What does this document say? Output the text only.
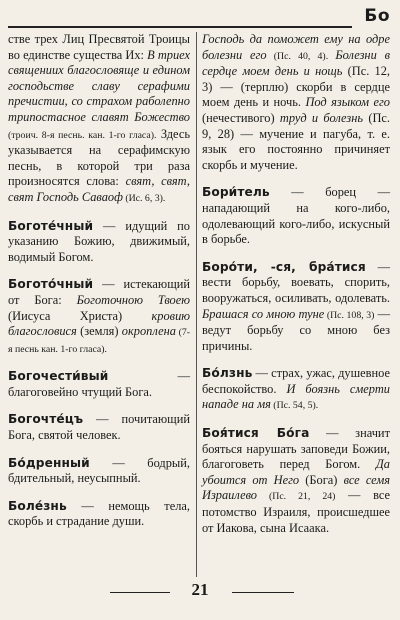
Бо

стве трех Лиц Пресвятой Троицы во единстве существа Их: В триех священиих благословяще и едином господьстве славу серафими пречистии, со страхом раболепно трипостасное славят Божество (троич. 8-я песнь. кан. 1-го гласа). Здесь указывается на серафимскую песнь, в которой три раза произносятся слова: свят, свят, свят Господь Саваоф (Ис. 6, 3).

Боготе́чный — идущий по указанию Божию, движимый, водимый Богом.

Богото́чный — истекающий от Бога: Боготочною Твоею (Иисуса Христа) кровию благословися (земля) окроплена (7-я песнь кан. 1-го гласа).

Богочести́вый — благоговейно чтущий Бога.

Богочте́цъ — почитающий Бога, святой человек.

Бо́дренный — бодрый, бдительный, неусыпный.

Боле́знь — немощь тела, скорбь и страдание души.

Господь да поможет ему на одре болезни его (Пс. 40, 4). Болезни в сердце моем день и нощь (Пс. 12, 3) — (терплю) скорби в сердце моем день и ночь. Под языком его (нечестивого) труд и болезнь (Пс. 9, 28) — мучение и пагуба, т. е. язык его постоянно причиняет скорбь и мучение.

Бори́тель — борец — нападающий на кого-либо, одолевающий кого-либо, искусный в борьбе.

Боро́ти, -ся, бра́тися — вести борьбу, воевать, спорить, вооружаться, осиливать, одолевать. Брашася со мною туне (Пс. 108, 3) — ведут борьбу со мною без причины.

Бо́лзнь — страх, ужас, душевное беспокойство. И боязнь смерти нападе на мя (Пс. 54, 5).

Боя́тися Бо́га — значит бояться нарушать заповеди Божии, благоговеть перед Богом. Да убоится от Него (Бога) все семя Израилево (Пс. 21, 24) — все потомство Израиля, происшедшее от Иакова, сына Исаака.

21
